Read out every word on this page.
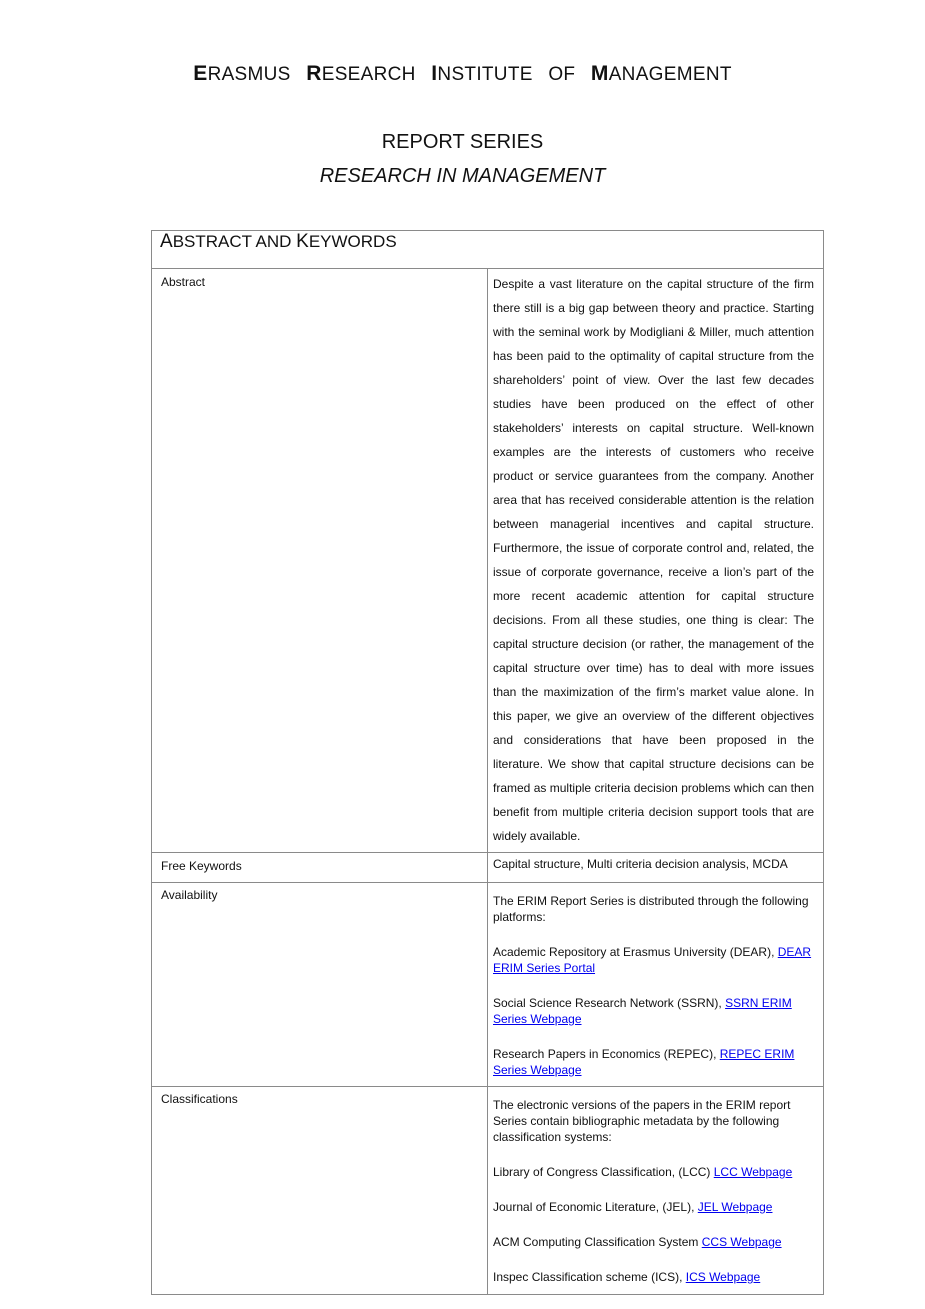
ERASMUS RESEARCH INSTITUTE OF MANAGEMENT
REPORT SERIES
RESEARCH IN MANAGEMENT
ABSTRACT AND KEYWORDS	
Abstract	Despite a vast literature on the capital structure of the firm there still is a big gap between theory and practice. Starting with the seminal work by Modigliani & Miller, much attention has been paid to the optimality of capital structure from the shareholders’ point of view. Over the last few decades studies have been produced on the effect of other stakeholders’ interests on capital structure. Well-known examples are the interests of customers who receive product or service guarantees from the company. Another area that has received considerable attention is the relation between managerial incentives and capital structure. Furthermore, the issue of corporate control and, related, the issue of corporate governance, receive a lion’s part of the more recent academic attention for capital structure decisions. From all these studies, one thing is clear: The capital structure decision (or rather, the management of the capital structure over time) has to deal with more issues than the maximization of the firm’s market value alone. In this paper, we give an overview of the different objectives and considerations that have been proposed in the literature. We show that capital structure decisions can be framed as multiple criteria decision problems which can then benefit from multiple criteria decision support tools that are widely available.

Free Keywords	Capital structure, Multi criteria decision analysis, MCDA

Availability	The ERIM Report Series is distributed through the following platforms:
Academic Repository at Erasmus University (DEAR), DEAR ERIM Series Portal
Social Science Research Network (SSRN), SSRN ERIM Series Webpage
Research Papers in Economics (REPEC), REPEC ERIM Series Webpage

Classifications	The electronic versions of the papers in the ERIM report Series contain bibliographic metadata by the following classification systems:
Library of Congress Classification, (LCC) LCC Webpage
Journal of Economic Literature, (JEL), JEL Webpage
ACM Computing Classification System CCS Webpage
Inspec Classification scheme (ICS), ICS Webpage
